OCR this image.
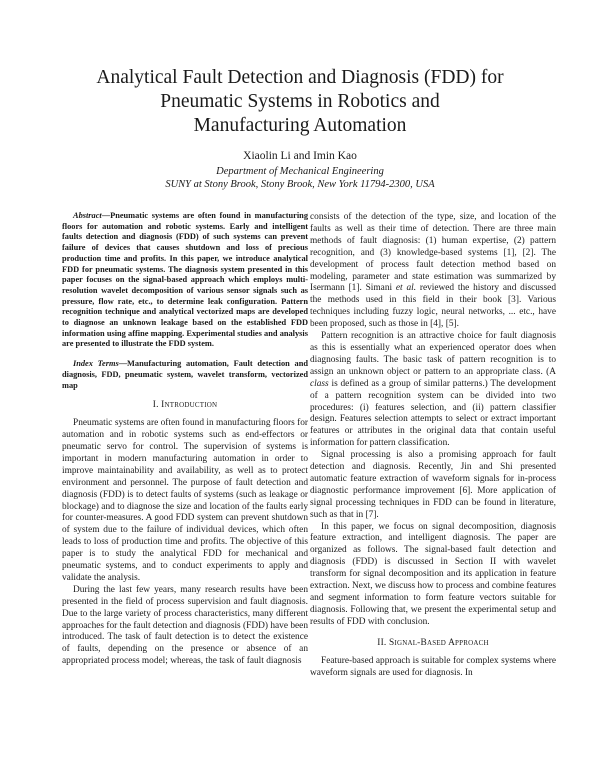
Analytical Fault Detection and Diagnosis (FDD) for
Pneumatic Systems in Robotics and
Manufacturing Automation
Xiaolin Li and Imin Kao
Department of Mechanical Engineering
SUNY at Stony Brook, Stony Brook, New York 11794-2300, USA

Abstract—Pneumatic systems are often found in manufacturing floors for automation and robotic systems. Early and intelligent faults detection and diagnosis (FDD) of such systems can prevent failure of devices that causes shutdown and loss of precious production time and profits. In this paper, we introduce analytical FDD for pneumatic systems. The diagnosis system presented in this paper focuses on the signal-based approach which employs multi-resolution wavelet decomposition of various sensor signals such as pressure, flow rate, etc., to determine leak configuration. Pattern recognition technique and analytical vectorized maps are developed to diagnose an unknown leakage based on the established FDD information using affine mapping. Experimental studies and analysis are presented to illustrate the FDD system.

Index Terms—Manufacturing automation, Fault detection and diagnosis, FDD, pneumatic system, wavelet transform, vectorized map

I. Introduction

Pneumatic systems are often found in manufacturing floors for automation and in robotic systems such as end-effectors or pneumatic servo for control. The supervision of systems is important in modern manufacturing automation in order to improve maintainability and availability, as well as to protect environment and personnel. The purpose of fault detection and diagnosis (FDD) is to detect faults of systems (such as leakage or blockage) and to diagnose the size and location of the faults early for counter-measures. A good FDD system can prevent shutdown of system due to the failure of individual devices, which often leads to loss of production time and profits. The objective of this paper is to study the analytical FDD for mechanical and pneumatic systems, and to conduct experiments to apply and validate the analysis.

During the last few years, many research results have been presented in the field of process supervision and fault diagnosis. Due to the large variety of process characteristics, many different approaches for the fault detection and diagnosis (FDD) have been introduced. The task of fault detection is to detect the existence of faults, depending on the presence or absence of an appropriated process model; whereas, the task of fault diagnosis

consists of the detection of the type, size, and location of the faults as well as their time of detection. There are three main methods of fault diagnosis: (1) human expertise, (2) pattern recognition, and (3) knowledge-based systems [1], [2]. The development of process fault detection method based on modeling, parameter and state estimation was summarized by Isermann [1]. Simani et al. reviewed the history and discussed the methods used in this field in their book [3]. Various techniques including fuzzy logic, neural networks, ... etc., have been proposed, such as those in [4], [5].

Pattern recognition is an attractive choice for fault diagnosis as this is essentially what an experienced operator does when diagnosing faults. The basic task of pattern recognition is to assign an unknown object or pattern to an appropriate class. (A class is defined as a group of similar patterns.) The development of a pattern recognition system can be divided into two procedures: (i) features selection, and (ii) pattern classifier design. Features selection attempts to select or extract important features or attributes in the original data that contain useful information for pattern classification.

Signal processing is also a promising approach for fault detection and diagnosis. Recently, Jin and Shi presented automatic feature extraction of waveform signals for in-process diagnostic performance improvement [6]. More application of signal processing techniques in FDD can be found in literature, such as that in [7].

In this paper, we focus on signal decomposition, diagnosis feature extraction, and intelligent diagnosis. The paper are organized as follows. The signal-based fault detection and diagnosis (FDD) is discussed in Section II with wavelet transform for signal decomposition and its application in feature extraction. Next, we discuss how to process and combine features and segment information to form feature vectors suitable for diagnosis. Following that, we present the experimental setup and results of FDD with conclusion.

II. Signal-Based Approach

Feature-based approach is suitable for complex systems where waveform signals are used for diagnosis. In
